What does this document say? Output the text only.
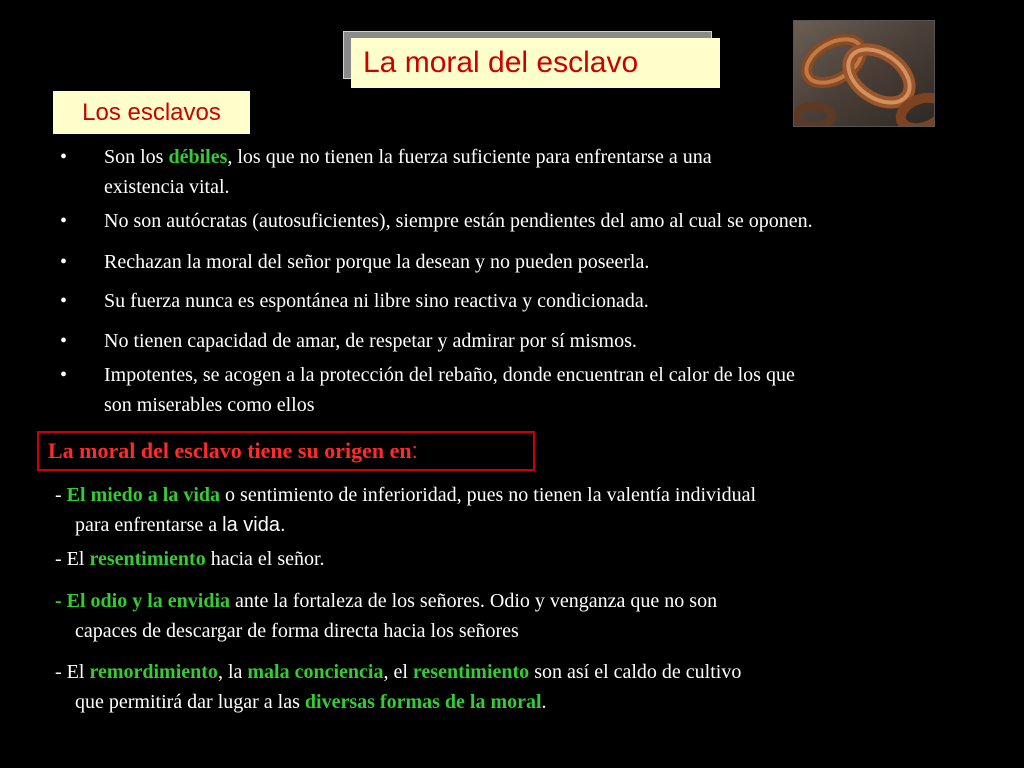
La moral del esclavo
Los esclavos
•	Son los débiles, los que no tienen la fuerza suficiente para enfrentarse a una
existencia vital.
•	No son autócratas (autosuficientes), siempre están pendientes del amo al cual se oponen.
•	Rechazan la moral del señor porque la desean y no pueden poseerla.
•	Su fuerza nunca es espontánea ni libre sino reactiva y condicionada.
•	No tienen capacidad de amar, de respetar y admirar por sí mismos.
•	Impotentes, se acogen a la protección del rebaño, donde encuentran el calor de los que
son miserables como ellos
La moral del esclavo tiene su origen en :
- El miedo a la vida o sentimiento de inferioridad, pues no tienen la valentía individual
para enfrentarse a la vida.
- El resentimiento hacia el señor.
- El odio y la envidia ante la fortaleza de los señores. Odio y venganza que no son
capaces de descargar de forma directa hacia los señores
- El remordimiento, la mala conciencia, el resentimiento son así el caldo de cultivo
que permitirá dar lugar a las diversas formas de la moral.
